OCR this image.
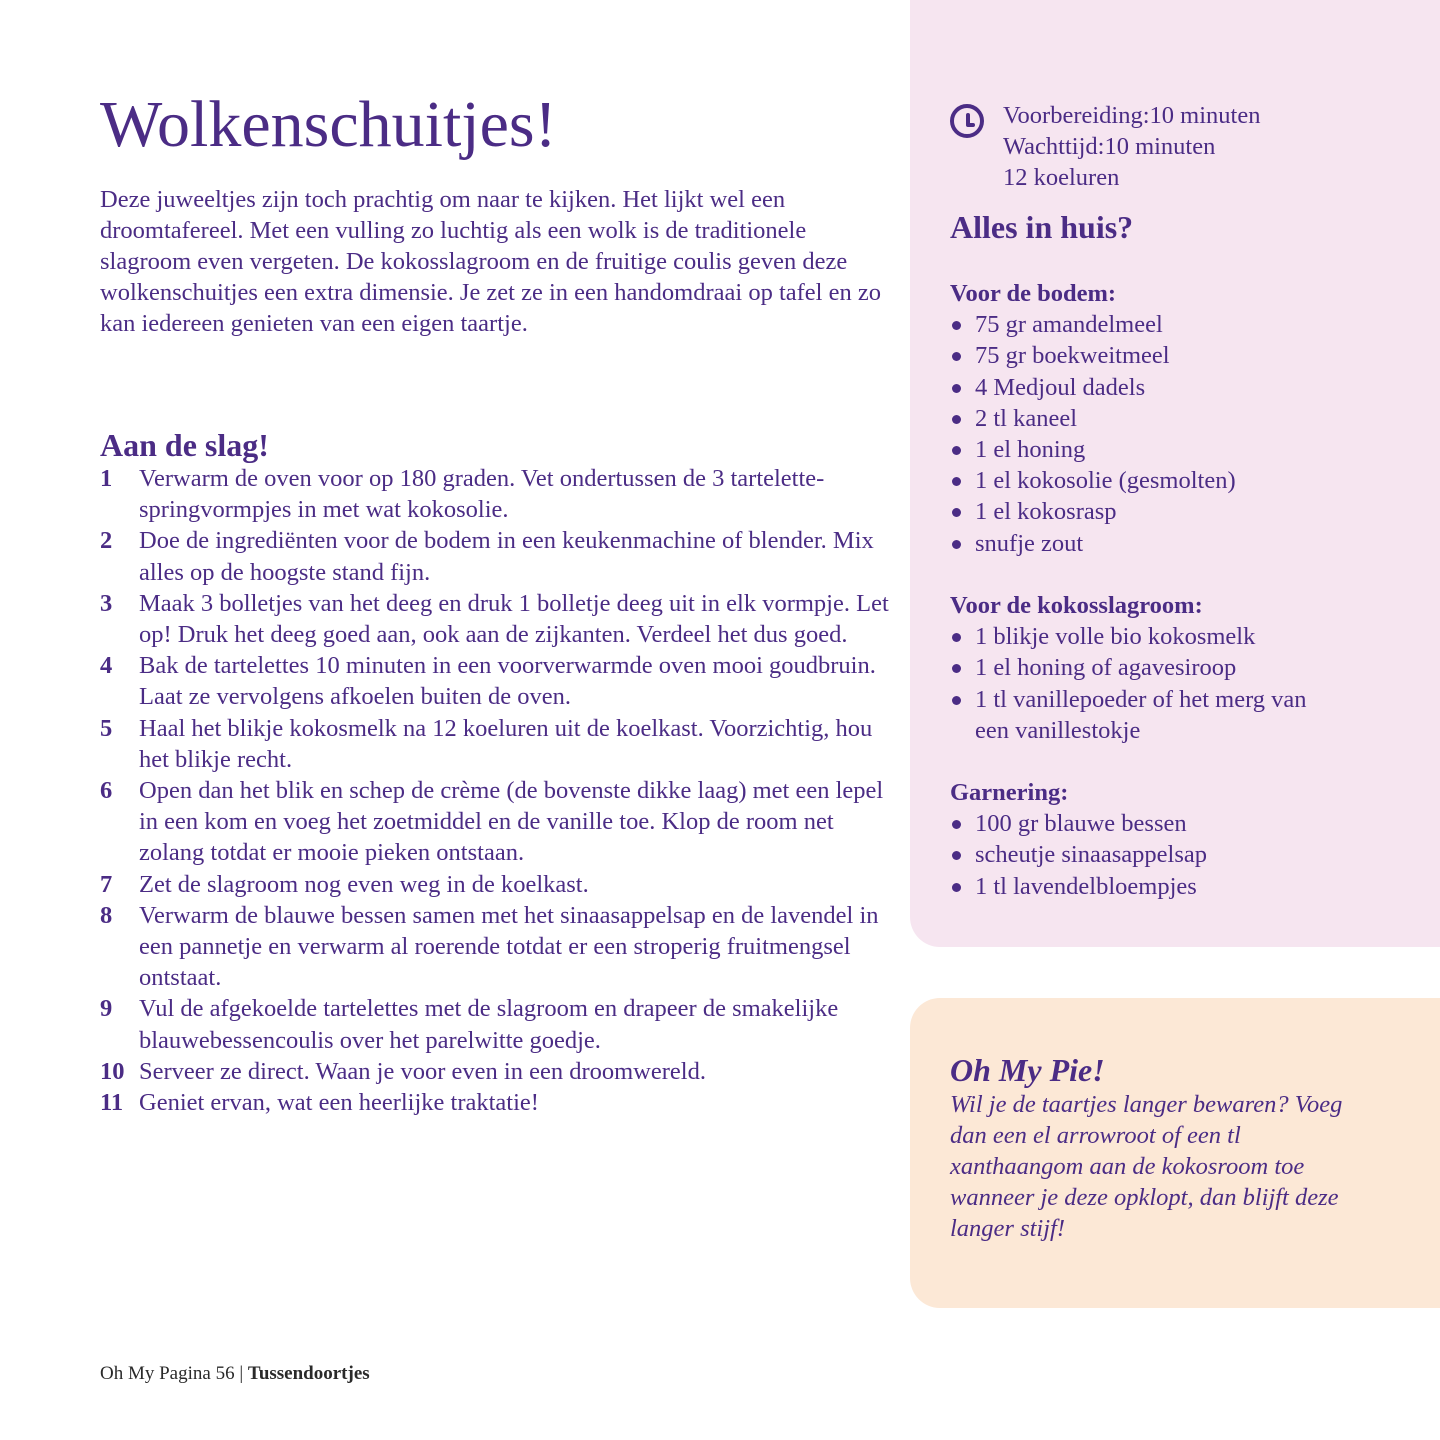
Wolkenschuitjes!

Deze juweeltjes zijn toch prachtig om naar te kijken. Het lijkt wel een droomtafereel. Met een vulling zo luchtig als een wolk is de traditionele slagroom even vergeten. De kokosslagroom en de fruitige coulis geven deze wolkenschuitjes een extra dimensie. Je zet ze in een handomdraai op tafel en zo kan iedereen genieten van een eigen taartje.

Aan de slag!
1	Verwarm de oven voor op 180 graden. Vet ondertussen de 3 tartelette-springvormpjes in met wat kokosolie.
2	Doe de ingrediënten voor de bodem in een keukenmachine of blender. Mix alles op de hoogste stand fijn.
3	Maak 3 bolletjes van het deeg en druk 1 bolletje deeg uit in elk vormpje. Let op! Druk het deeg goed aan, ook aan de zijkanten. Verdeel het dus goed.
4	Bak de tartelettes 10 minuten in een voorverwarmde oven mooi goudbruin. Laat ze vervolgens afkoelen buiten de oven.
5	Haal het blikje kokosmelk na 12 koeluren uit de koelkast. Voorzichtig, hou het blikje recht.
6	Open dan het blik en schep de crème (de bovenste dikke laag) met een lepel in een kom en voeg het zoetmiddel en de vanille toe. Klop de room net zolang totdat er mooie pieken ontstaan.
7	Zet de slagroom nog even weg in de koelkast.
8	Verwarm de blauwe bessen samen met het sinaasappelsap en de lavendel in een pannetje en verwarm al roerende totdat er een stroperig fruitmengsel ontstaat.
9	Vul de afgekoelde tartelettes met de slagroom en drapeer de smakelijke blauwebessencoulis over het parelwitte goedje.
10 Serveer ze direct. Waan je voor even in een droomwereld.
11 Geniet ervan, wat een heerlijke traktatie!
Voorbereiding:10 minuten
Wachttijd:10 minuten
12 koeluren
Alles in huis?
Voor de bodem:
75 gr amandelmeel
75 gr boekweitmeel
4 Medjoul dadels
2 tl kaneel
1 el honing
1 el kokosolie (gesmolten)
1 el kokosrasp
snufje zout
Voor de kokosslagroom:
1 blikje volle bio kokosmelk
1 el honing of agavesiroop
1 tl vanillepoeder of het merg van een vanillestokje
Garnering:
100 gr blauwe bessen
scheutje sinaasappelsap
1 tl lavendelbloempjes
Oh My Pie!

Wil je de taartjes langer bewaren? Voeg dan een el arrowroot of een tl xanthaangom aan de kokosroom toe wanneer je deze opklopt, dan blijft deze langer stijf!

Oh My Pagina 56 | Tussendoortjes
